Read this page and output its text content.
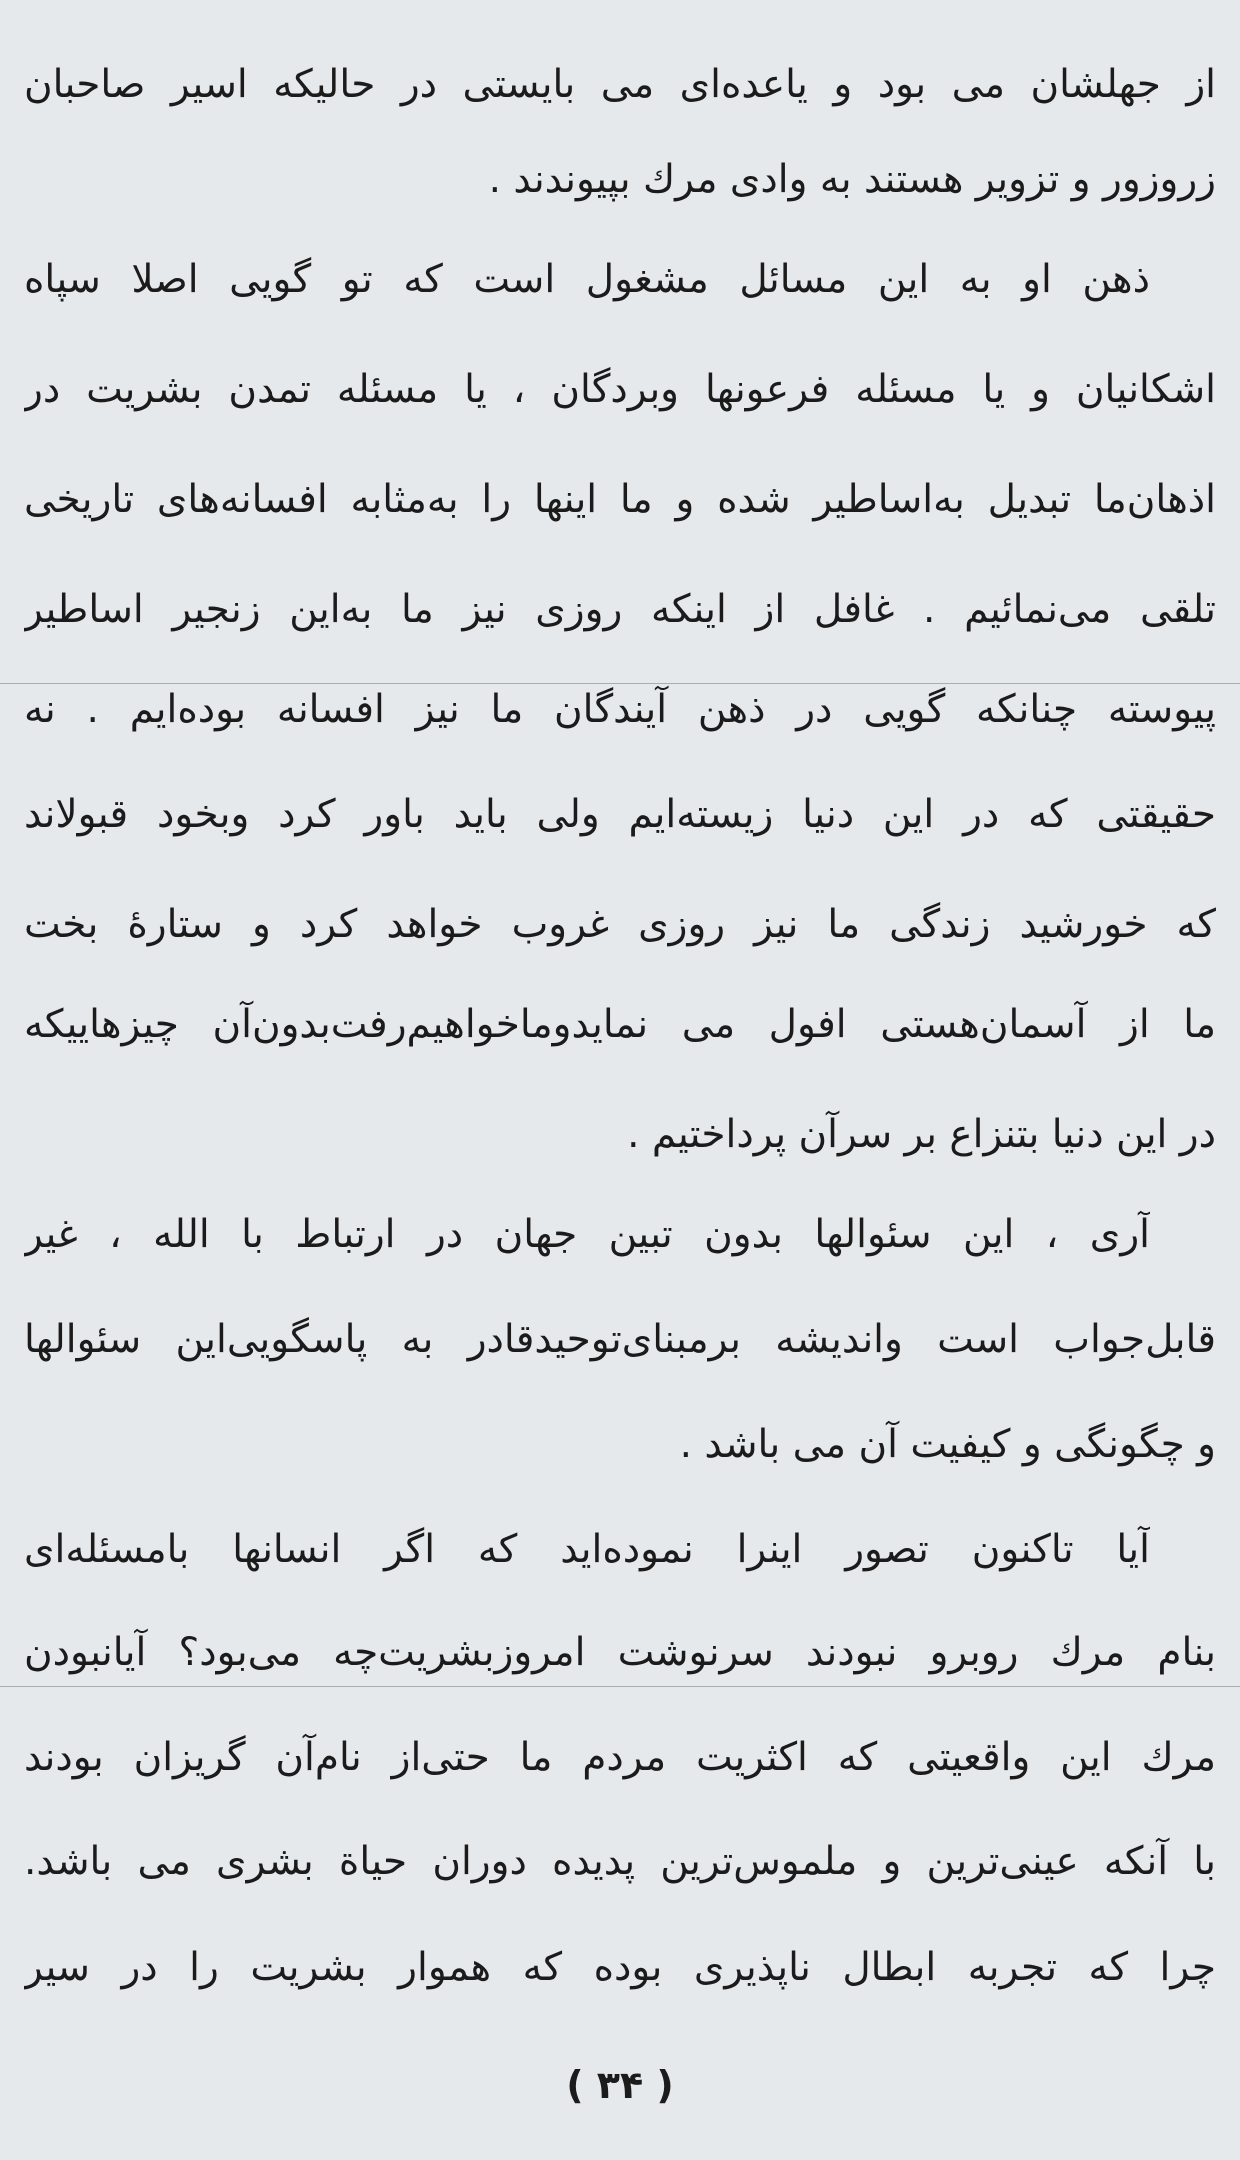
از جهلشان می بود و یاعده‌ای می بایستی در حالیکه اسیر صاحبان
زروزور و تزویر هستند به وادی مرك بپیوندند .
ذهن او به این مسائل مشغول است که تو گویی اصلا سپاه
اشکانیان و یا مسئله فرعونها وبردگان ، یا مسئله تمدن بشریت در
اذهان‌ما تبدیل به‌اساطیر شده و ما اینها را به‌مثابه افسانه‌های تاریخی
تلقی می‌نمائیم . غافل از اینکه روزی نیز ما به‌این زنجیر اساطیر
پیوسته چنانکه گویی در ذهن آیندگان ما نیز افسانه بوده‌ایم . نه
حقیقتی که در این دنیا زیسته‌ایم ولی باید باور کرد وبخود قبولاند
که خورشید زندگی ما نیز روزی غروب خواهد کرد و ستارهٔ بخت
ما از آسمان‌هستی افول می نمایدوماخواهیم‌رفت‌بدون‌آن چیزهاییکه
در این دنیا بتنزاع بر سرآن پرداختیم .
آری ، این سئوالها بدون تبین جهان در ارتباط با الله ، غیر
قابل‌جواب است واندیشه برمبنای‌توحیدقادر به پاسگویی‌این سئوالها
و چگونگی و کیفیت آن می باشد .
آیا تاکنون تصور اینرا نموده‌اید که اگر انسانها بامسئله‌ای
بنام مرك روبرو نبودند سرنوشت امروزبشریت‌چه می‌بود؟ آیانبودن
مرك این واقعیتی که اکثریت مردم ما حتی‌از نام‌آن گریزان بودند
با آنکه عینی‌ترین و ملموس‌ترین پدیده دوران حیاة بشری می باشد.
چرا که تجربه ابطال ناپذیری بوده که هموار بشریت را در سیر
( ۳۴ )
